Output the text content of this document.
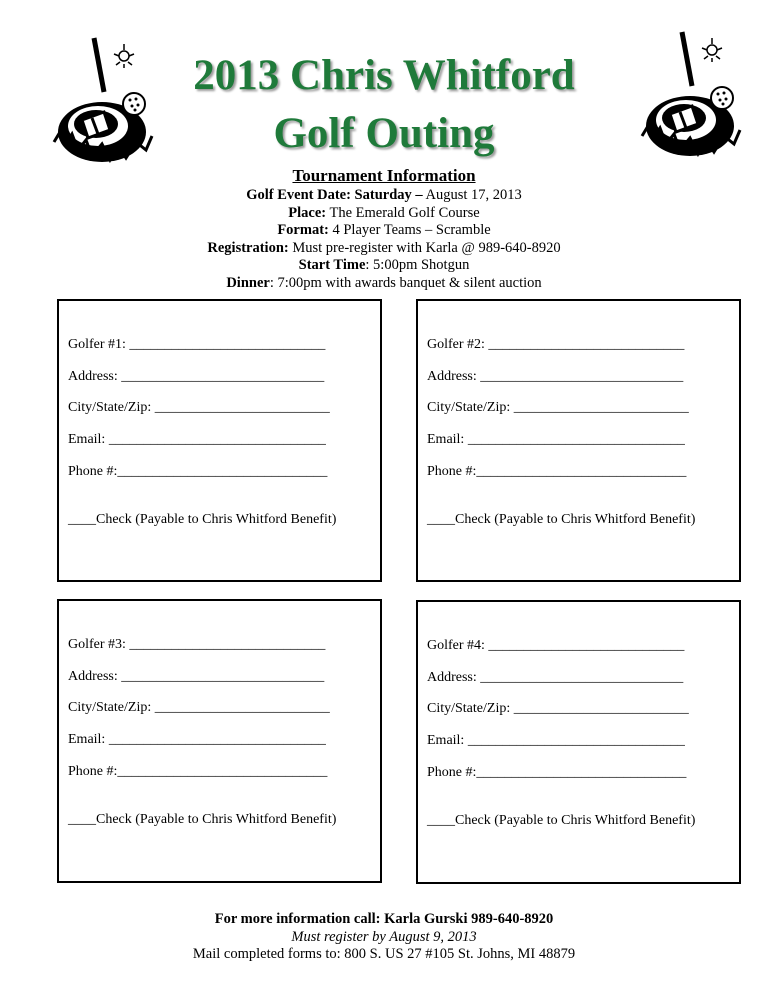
2013 Chris Whitford
Golf Outing
Tournament Information
Golf Event Date: Saturday – August 17, 2013
Place: The Emerald Golf Course
Format: 4 Player Teams – Scramble
Registration: Must pre-register with Karla @ 989-640-8920
Start Time: 5:00pm Shotgun
Dinner: 7:00pm with awards banquet & silent auction
Golfer #1: ____________________________
Address: _____________________________
City/State/Zip: _________________________
Email: _______________________________
Phone #:______________________________
____Check (Payable to Chris Whitford Benefit)
Golfer #2: ____________________________
Address: _____________________________
City/State/Zip: _________________________
Email: _______________________________
Phone #:______________________________
____Check (Payable to Chris Whitford Benefit)
Golfer #3: ____________________________
Address: _____________________________
City/State/Zip: _________________________
Email: _______________________________
Phone #:______________________________
____Check (Payable to Chris Whitford Benefit)
Golfer #4: ____________________________
Address: _____________________________
City/State/Zip: _________________________
Email: _______________________________
Phone #:______________________________
____Check (Payable to Chris Whitford Benefit)
For more information call: Karla Gurski 989-640-8920
Must register by August 9, 2013
Mail completed forms to: 800 S. US 27 #105 St. Johns, MI 48879
